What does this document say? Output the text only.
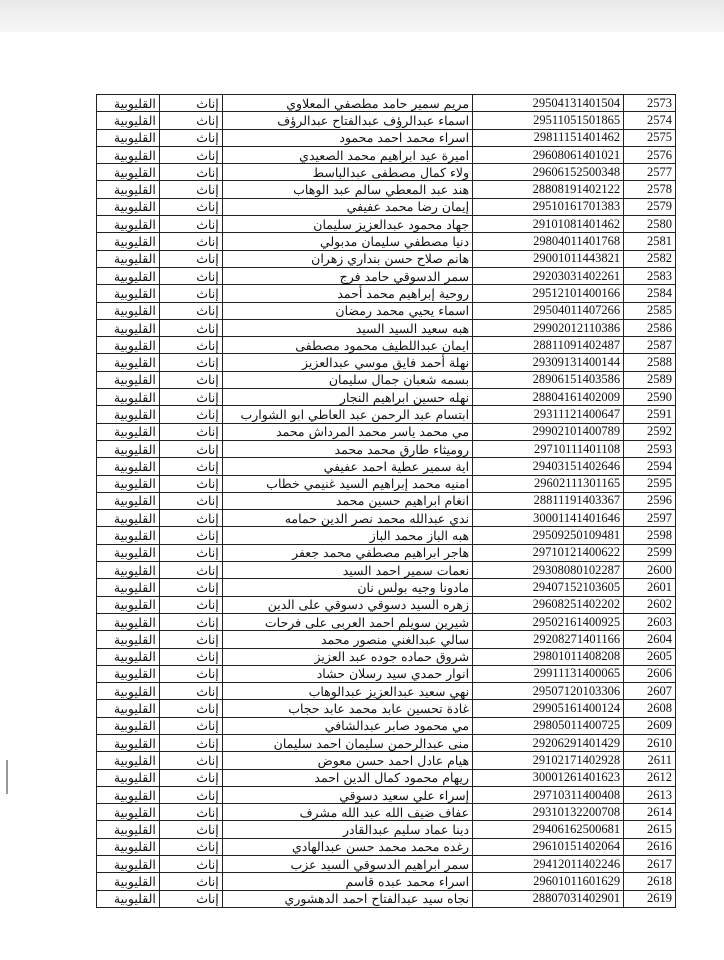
القليوبية	إناث	مريم سمير حامد مطصفي المعلاوي	29504131401504	2573
القليوبية	إناث	اسماء عبدالرؤف عبدالفتاح عبدالرؤف	29511051501865	2574
القليوبية	إناث	اسراء محمد احمد محمود	29811151401462	2575
القليوبية	إناث	اميرة عيد ابراهيم محمد الصعيدي	29608061401021	2576
القليوبية	إناث	ولاء كمال مصطفى عبدالباسط	29606152500348	2577
القليوبية	إناث	هند عبد المعطي سالم عبد الوهاب	28808191402122	2578
القليوبية	إناث	إيمان رضا محمد عفيفي	29510161701383	2579
القليوبية	إناث	جهاد محمود عبدالعزيز سليمان	29101081401462	2580
القليوبية	إناث	دنيا مصطفي سليمان مدبولي	29804011401768	2581
القليوبية	إناث	هانم صلاح حسن بنداري زهران	29001011443821	2582
القليوبية	إناث	سمر الدسوقي حامد فرج	29203031402261	2583
القليوبية	إناث	روحية إبراهيم محمد أحمد	29512101400166	2584
القليوبية	إناث	اسماء يحيي محمد رمضان	29504011407266	2585
القليوبية	إناث	هبه سعيد السيد السيد	29902012110386	2586
القليوبية	إناث	ايمان عبداللطيف محمود مصطفى	28811091402487	2587
القليوبية	إناث	نهلة أحمد فايق موسي عبدالعزيز	29309131400144	2588
القليوبية	إناث	بسمه شعبان جمال سليمان	28906151403586	2589
القليوبية	إناث	نهله حسين ابراهيم النجار	28804161402009	2590
القليوبية	إناث	ابتسام عبد الرحمن عبد العاطي ابو الشوارب	29311121400647	2591
القليوبية	إناث	مي محمد ياسر محمد المرداش محمد	29902101400789	2592
القليوبية	إناث	روميثاء طارق محمد محمد	29710111401108	2593
القليوبية	إناث	اية سمير عطية احمد عفيفي	29403151402646	2594
القليوبية	إناث	امنيه محمد إبراهيم السيد غنيمي خطاب	29602111301165	2595
القليوبية	إناث	انغام ابراهيم حسين محمد	28811191403367	2596
القليوبية	إناث	ندي عبدالله محمد نصر الدين حمامه	30001141401646	2597
القليوبية	إناث	هبه الباز محمد الباز	29509250109481	2598
القليوبية	إناث	هاجر ابراهيم مصطفي محمد جعفر	29710121400622	2599
القليوبية	إناث	نعمات سمير احمد السيد	29308080102287	2600
القليوبية	إناث	مادونا وجيه بولس نان	29407152103605	2601
القليوبية	إناث	زهره السيد دسوقي دسوقي على الدين	29608251402202	2602
القليوبية	إناث	شيرين سويلم احمد العربى على فرحات	29502161400925	2603
القليوبية	إناث	سالي عبدالغني منصور محمد	29208271401166	2604
القليوبية	إناث	شروق حماده جوده عبد العزيز	29801011408208	2605
القليوبية	إناث	انوار حمدي سيد رسلان حشاد	29911131400065	2606
القليوبية	إناث	نهي سعيد عبدالعزيز عبدالوهاب	29507120103306	2607
القليوبية	إناث	غادة تحسين عابد محمد عابد حجاب	29905161400124	2608
القليوبية	إناث	مي محمود صابر عبدالشافي	29805011400725	2609
القليوبية	إناث	منى عبدالرحمن سليمان احمد سليمان	29206291401429	2610
القليوبية	إناث	هيام عادل احمد حسن معوض	29102171402928	2611
القليوبية	إناث	ريهام محمود كمال الدين احمد	30001261401623	2612
القليوبية	إناث	إسراء علي سعيد دسوقي	29710311400408	2613
القليوبية	إناث	عفاف ضيف الله عبد الله مشرف	29310132200708	2614
القليوبية	إناث	دينا عماد سليم عبدالقادر	29406162500681	2615
القليوبية	إناث	رغده محمد محمد حسن عبدالهادي	29610151402064	2616
القليوبية	إناث	سمر ابراهيم الدسوقي السيد عزب	29412011402246	2617
القليوبية	إناث	اسراء محمد عبده قاسم	29601011601629	2618
القليوبية	إناث	نجاه سيد عبدالفتاح احمد الدهشوري	28807031402901	2619
